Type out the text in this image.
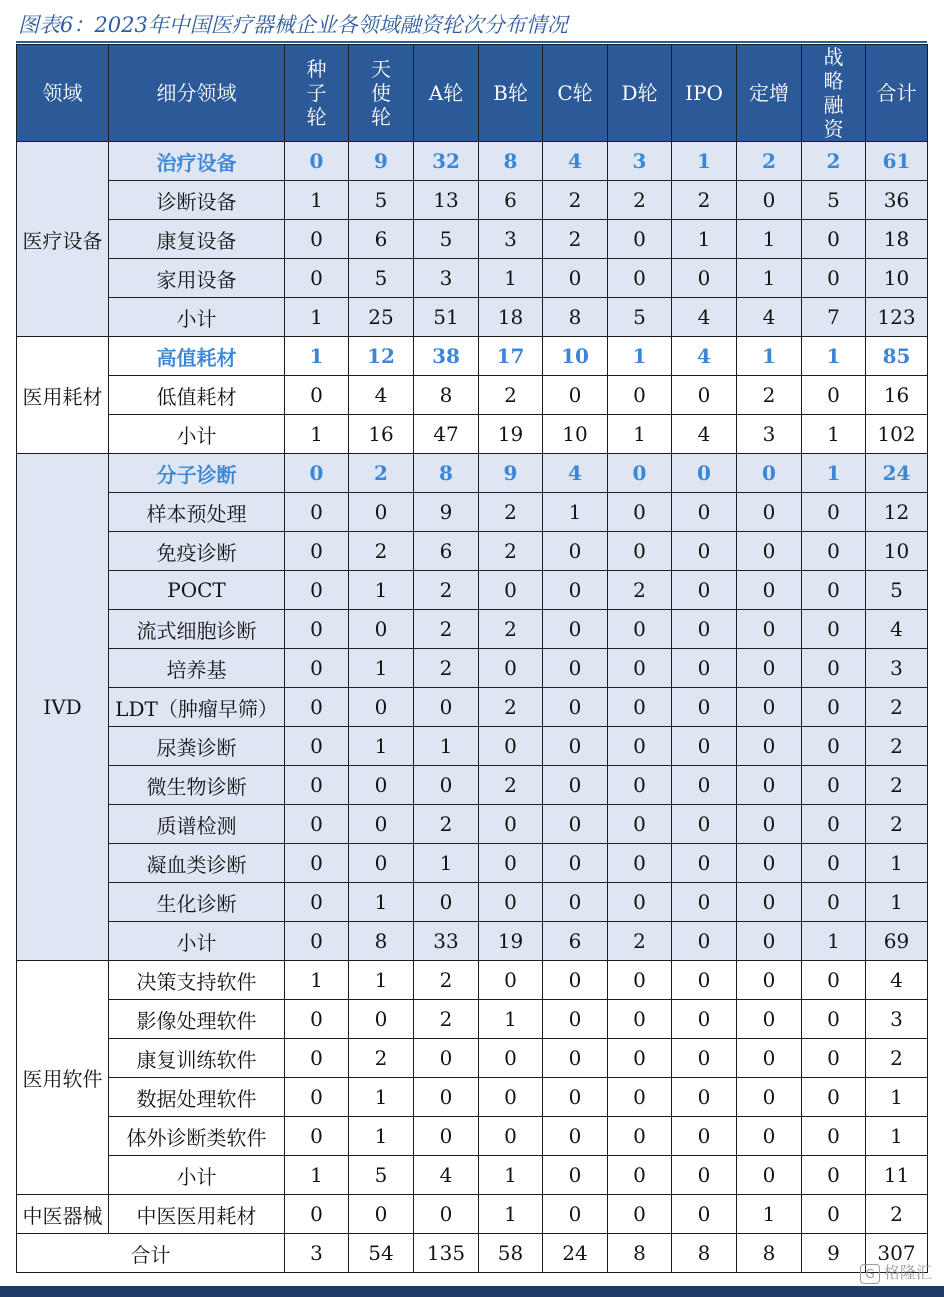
图表6：2023年中国医疗器械企业各领域融资轮次分布情况
领域	细分领域	种子轮	天使轮	A轮	B轮	C轮	D轮	IPO	定增	战略融资	合计
医疗设备	治疗设备	0	9	32	8	4	3	1	2	2	61
	诊断设备	1	5	13	6	2	2	2	0	5	36
	康复设备	0	6	5	3	2	0	1	1	0	18
	家用设备	0	5	3	1	0	0	0	1	0	10
	小计	1	25	51	18	8	5	4	4	7	123
医用耗材	高值耗材	1	12	38	17	10	1	4	1	1	85
	低值耗材	0	4	8	2	0	0	0	2	0	16
	小计	1	16	47	19	10	1	4	3	1	102
IVD	分子诊断	0	2	8	9	4	0	0	0	1	24
	样本预处理	0	0	9	2	1	0	0	0	0	12
	免疫诊断	0	2	6	2	0	0	0	0	0	10
	POCT	0	1	2	0	0	2	0	0	0	5
	流式细胞诊断	0	0	2	2	0	0	0	0	0	4
	培养基	0	1	2	0	0	0	0	0	0	3
	LDT（肿瘤早筛）	0	0	0	2	0	0	0	0	0	2
	尿粪诊断	0	1	1	0	0	0	0	0	0	2
	微生物诊断	0	0	0	2	0	0	0	0	0	2
	质谱检测	0	0	2	0	0	0	0	0	0	2
	凝血类诊断	0	0	1	0	0	0	0	0	0	1
	生化诊断	0	1	0	0	0	0	0	0	0	1
	小计	0	8	33	19	6	2	0	0	1	69
医用软件	决策支持软件	1	1	2	0	0	0	0	0	0	4
	影像处理软件	0	0	2	1	0	0	0	0	0	3
	康复训练软件	0	2	0	0	0	0	0	0	0	2
	数据处理软件	0	1	0	0	0	0	0	0	0	1
	体外诊断类软件	0	1	0	0	0	0	0	0	0	1
	小计	1	5	4	1	0	0	0	0	0	11
中医器械	中医医用耗材	0	0	0	1	0	0	0	1	0	2
合计		3	54	135	58	24	8	8	8	9	307
G 格隆汇
